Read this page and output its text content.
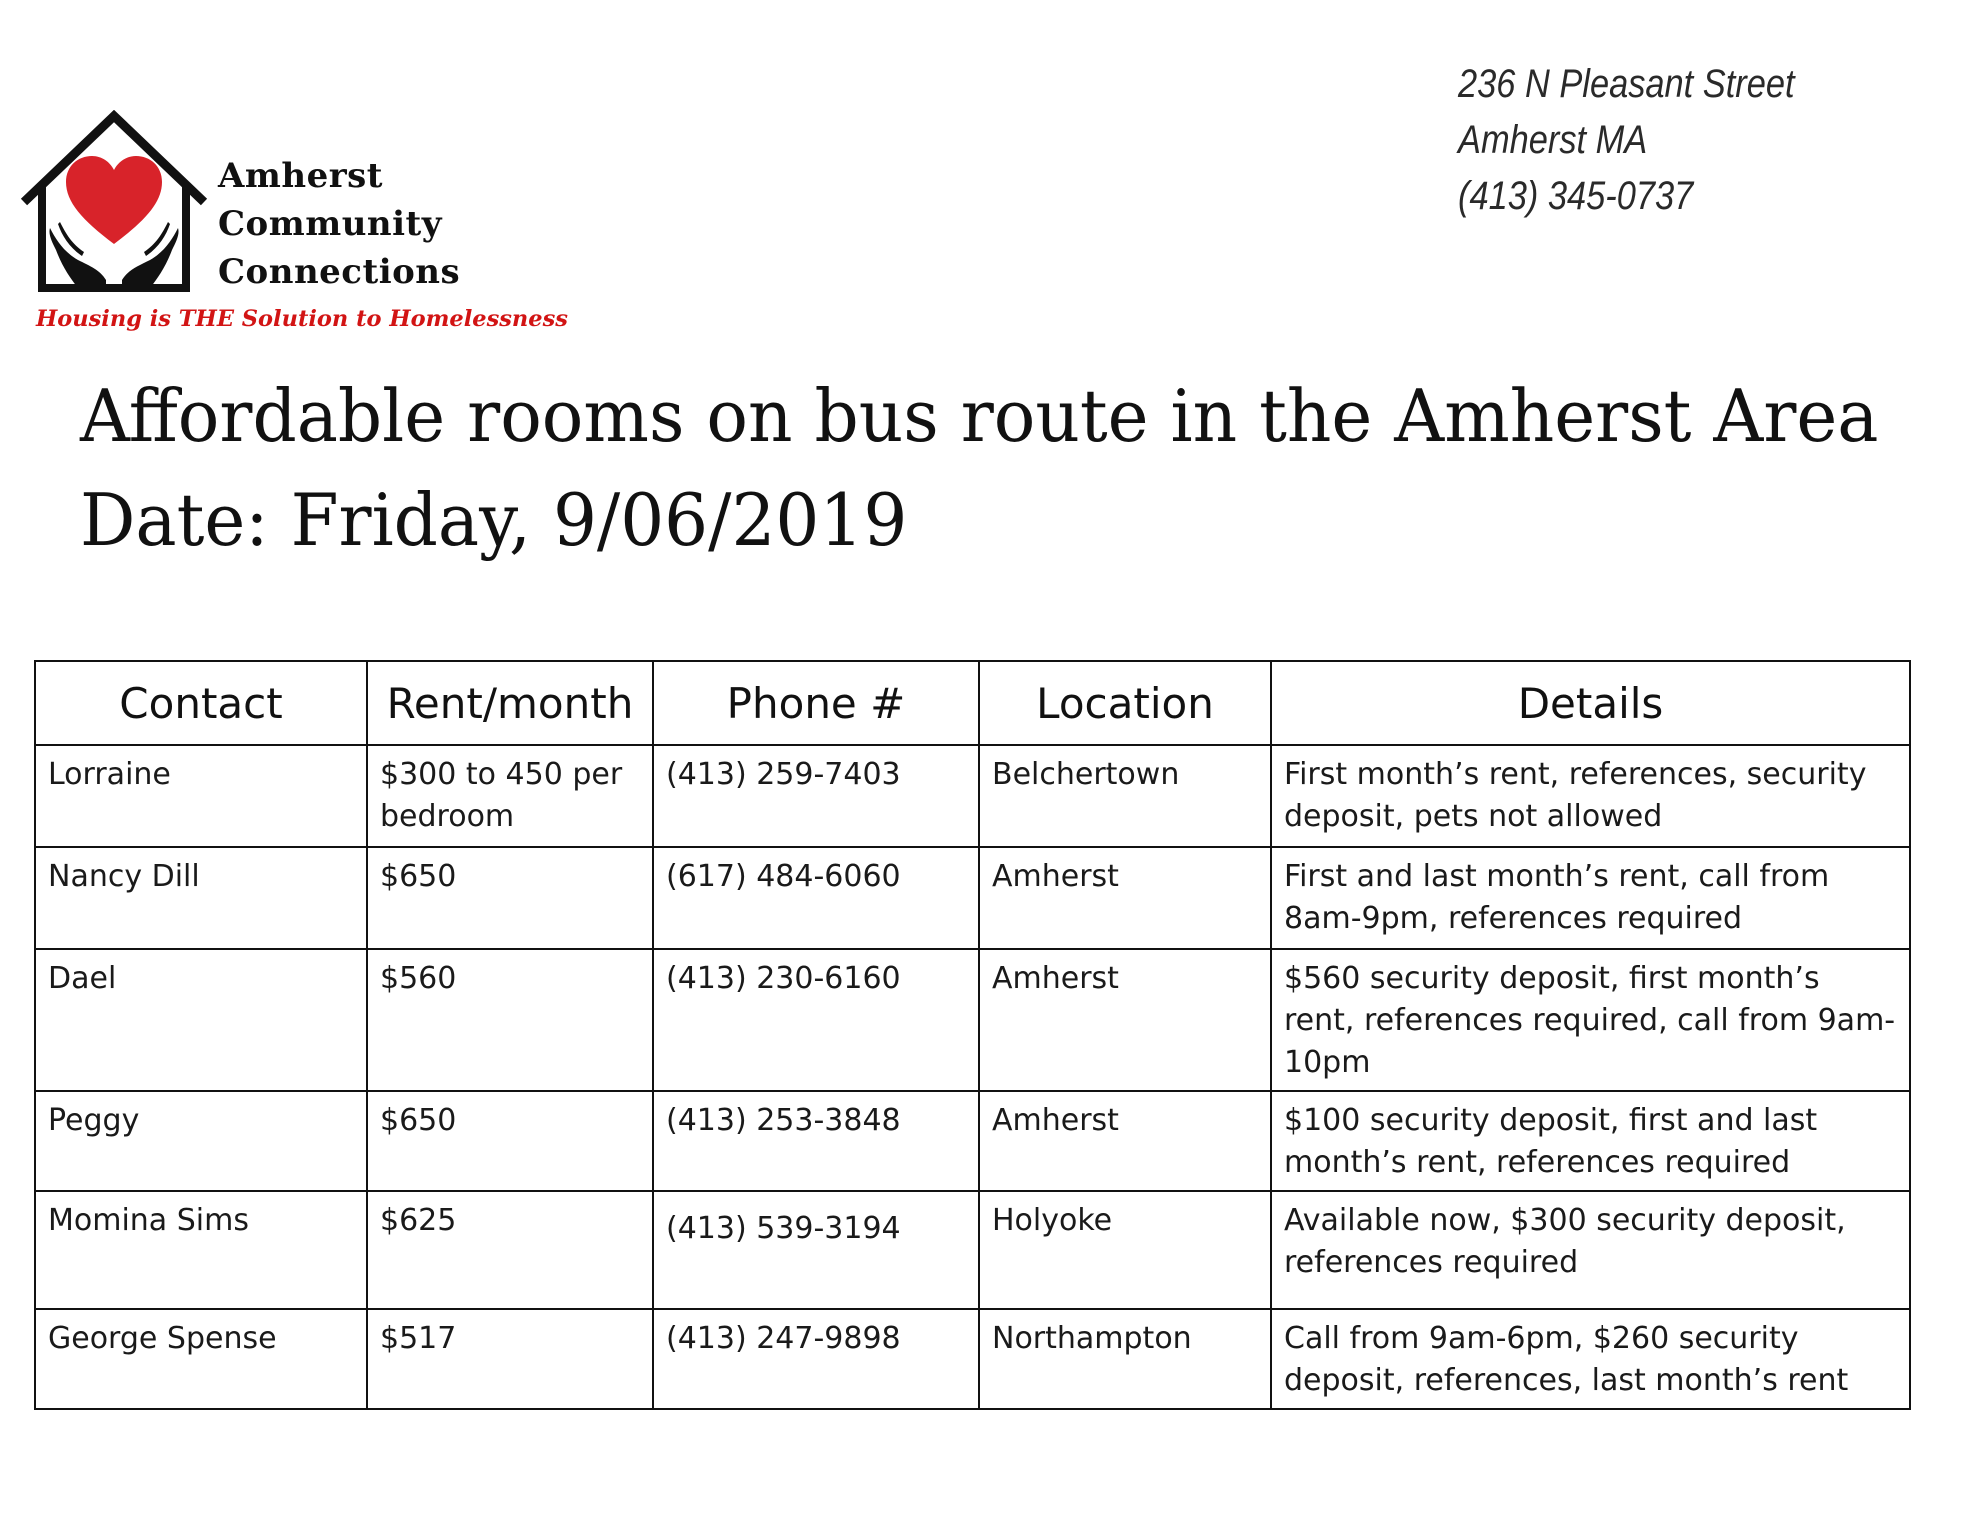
Amherst
Community
Connections
Housing is THE Solution to Homelessness
236 N Pleasant Street
Amherst MA
(413) 345-0737
Affordable rooms on bus route in the Amherst Area
Date: Friday, 9/06/2019
Contact	Rent/month	Phone #	Location	Details
Lorraine	$300 to 450 per bedroom	(413) 259-7403	Belchertown	First month’s rent, references, security deposit, pets not allowed
Nancy Dill	$650	(617) 484-6060	Amherst	First and last month’s rent, call from 8am-9pm, references required
Dael	$560	(413) 230-6160	Amherst	$560 security deposit, first month’s rent, references required, call from 9am-10pm
Peggy	$650	(413) 253-3848	Amherst	$100 security deposit, first and last month’s rent, references required
Momina Sims	$625	(413) 539-3194	Holyoke	Available now, $300 security deposit, references required
George Spense	$517	(413) 247-9898	Northampton	Call from 9am-6pm, $260 security deposit, references, last month’s rent
